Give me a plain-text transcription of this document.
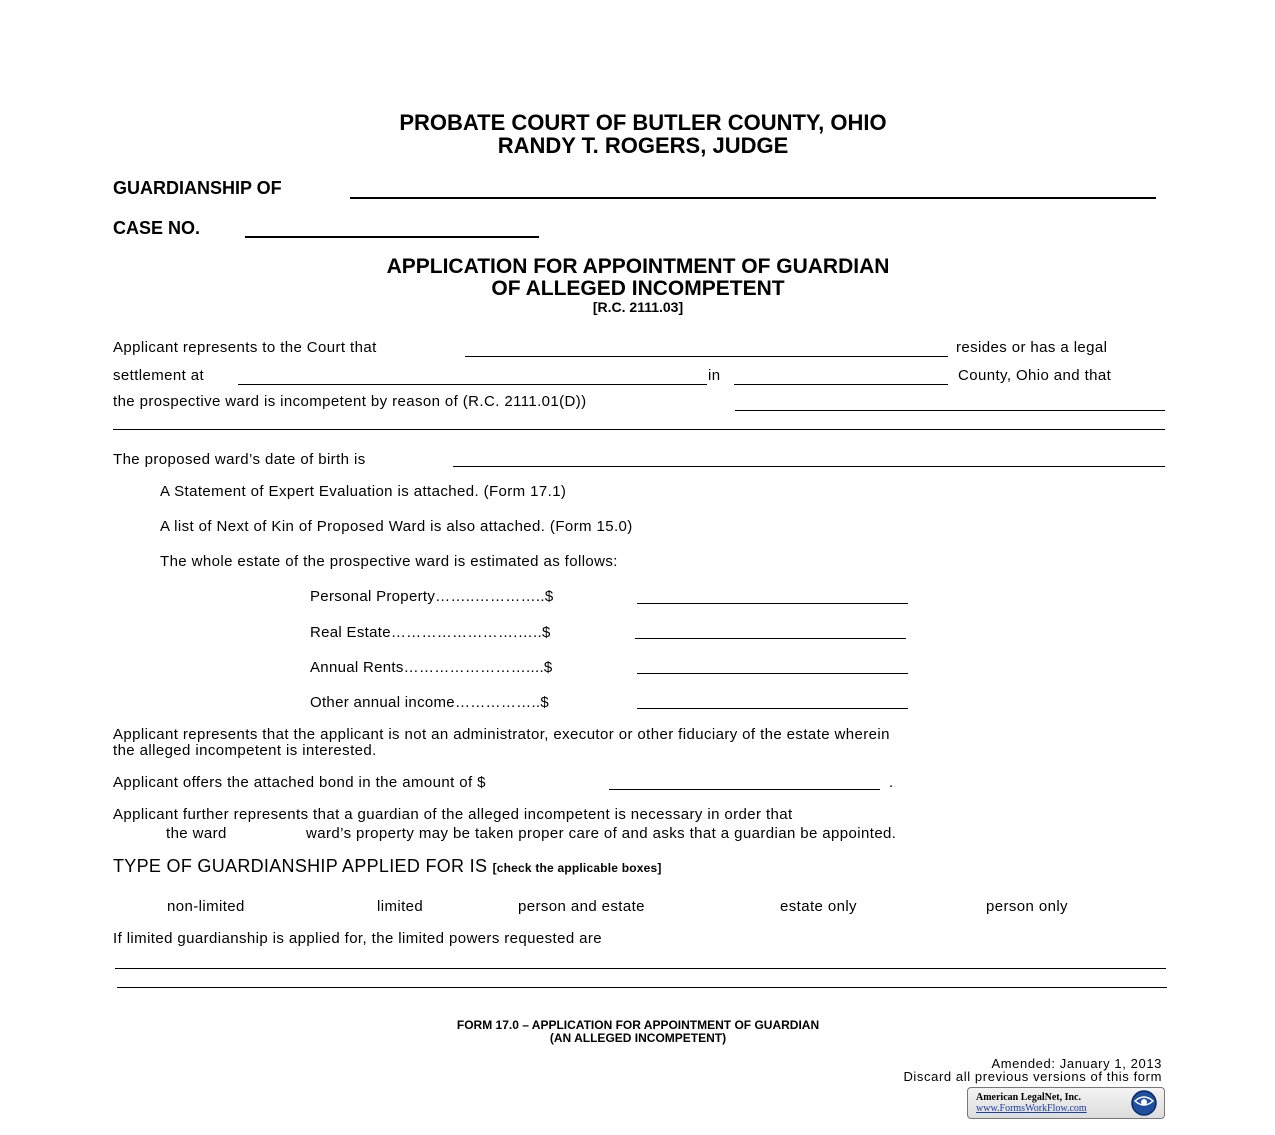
PROBATE COURT OF BUTLER COUNTY, OHIO
RANDY T. ROGERS, JUDGE
GUARDIANSHIP OF
CASE NO.
APPLICATION FOR APPOINTMENT OF GUARDIAN
OF ALLEGED INCOMPETENT
[R.C. 2111.03]
Applicant represents to the Court that	resides or has a legal
settlement at	in	County, Ohio and that
the prospective ward is incompetent by reason of (R.C. 2111.01(D))
The proposed ward’s date of birth is
A Statement of Expert Evaluation is attached. (Form 17.1)
A list of Next of Kin of Proposed Ward is also attached. (Form 15.0)
The whole estate of the prospective ward is estimated as follows:
Personal Property……..…………..$
Real Estate…………………….…..$
Annual Rents……………………....$
Other annual income……………..$
Applicant represents that the applicant is not an administrator, executor or other fiduciary of the estate wherein
the alleged incompetent is interested.
Applicant offers the attached bond in the amount of $	.
Applicant further represents that a guardian of the alleged incompetent is necessary in order that
the ward	ward’s property may be taken proper care of and asks that a guardian be appointed.
TYPE OF GUARDIANSHIP APPLIED FOR IS [check the applicable boxes]
non-limited	limited	person and estate	estate only	person only
If limited guardianship is applied for, the limited powers requested are
FORM 17.0 – APPLICATION FOR APPOINTMENT OF GUARDIAN
(AN ALLEGED INCOMPETENT)
Amended: January 1, 2013
Discard all previous versions of this form
American LegalNet, Inc.
www.FormsWorkFlow.com
